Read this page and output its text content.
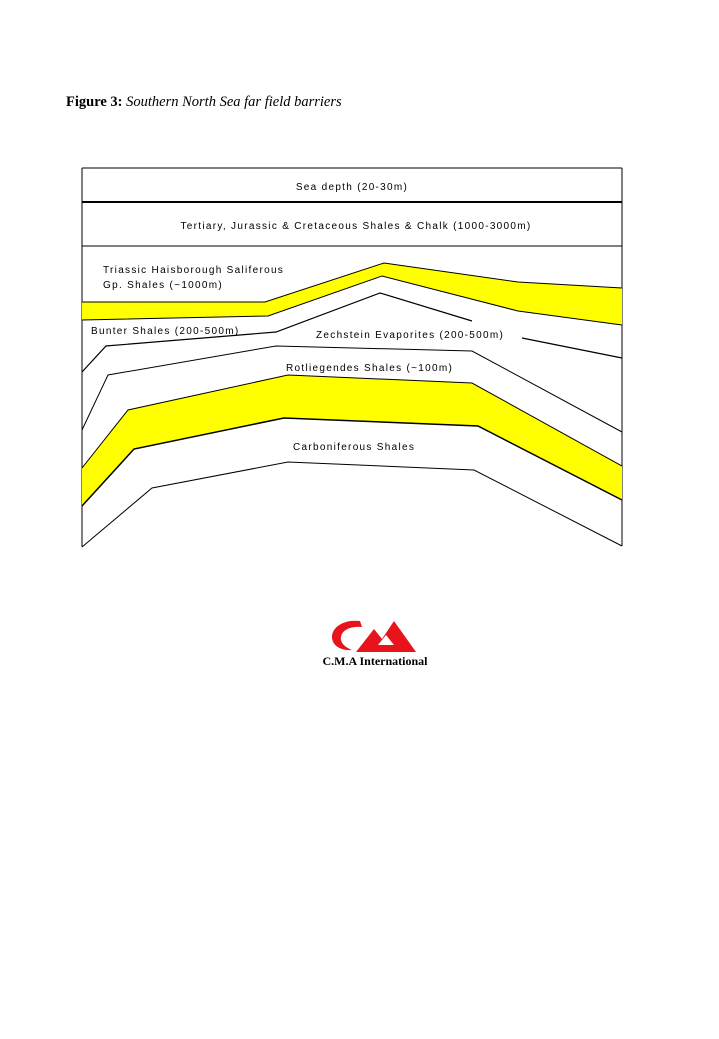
Figure 3: Southern North Sea far field barriers
Sea depth (20-30m)
Tertiary, Jurassic & Cretaceous Shales & Chalk (1000-3000m)
Triassic Haisborough Saliferous
Gp. Shales (~1000m)
Bunter Shales (200-500m)	Zechstein Evaporites (200-500m)
Rotliegendes Shales (~100m)
Carboniferous Shales
C.M.A International
